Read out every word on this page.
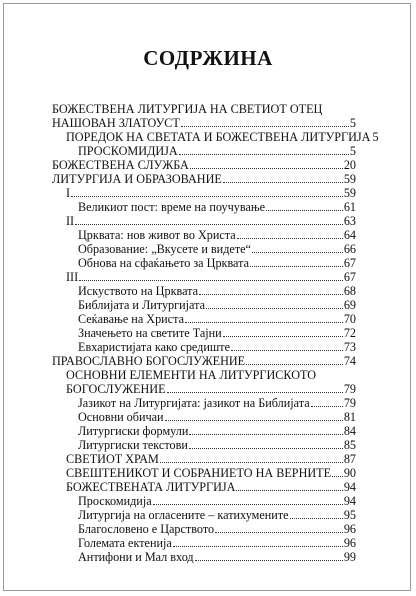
СОДРЖИНА
БОЖЕСТВЕНА ЛИТУРГИЈА НА СВЕТИОТ ОТЕЦ
НАШОВАН ЗЛАТОУСТ	5
ПОРЕДОК НА СВЕТАТА И БОЖЕСТВЕНА ЛИТУРГИЈА 5
ПРОСКОМИДИЈА	5
БОЖЕСТВЕНА СЛУЖБА	20
ЛИТУРГИЈА И ОБРАЗОВАНИЕ	59
I	59
Великиот пост: време на поучување	61
II	63
Црквата: нов живот во Христа	64
Образование: „Вкусете и видете“	66
Обнова на сфаќањето за Црквата	67
III	67
Искуството на Црквата	68
Библијата и Литургијата	69
Сеќавање на Христа	70
Значењето на светите Тајни	72
Евхаристијата како средиште	73
ПРАВОСЛАВНО БОГОСЛУЖЕНИЕ	74
ОСНОВНИ ЕЛЕМЕНТИ НА ЛИТУРГИСКОТО
БОГОСЛУЖЕНИЕ	79
Јазикот на Литургијата: јазикот на Библијата	79
Основни обичаи	81
Литургиски формули	84
Литургиски текстови	85
СВЕТИОТ ХРАМ	87
СВЕШТЕНИКОТ И СОБРАНИЕТО НА ВЕРНИТЕ 90
БОЖЕСТВЕНАТА ЛИТУРГИЈА	94
Проскомидија	94
Литургија на огласените – катихумените	95
Благословено е Царството	96
Големата ектенија	96
Антифони и Мал вход	99
